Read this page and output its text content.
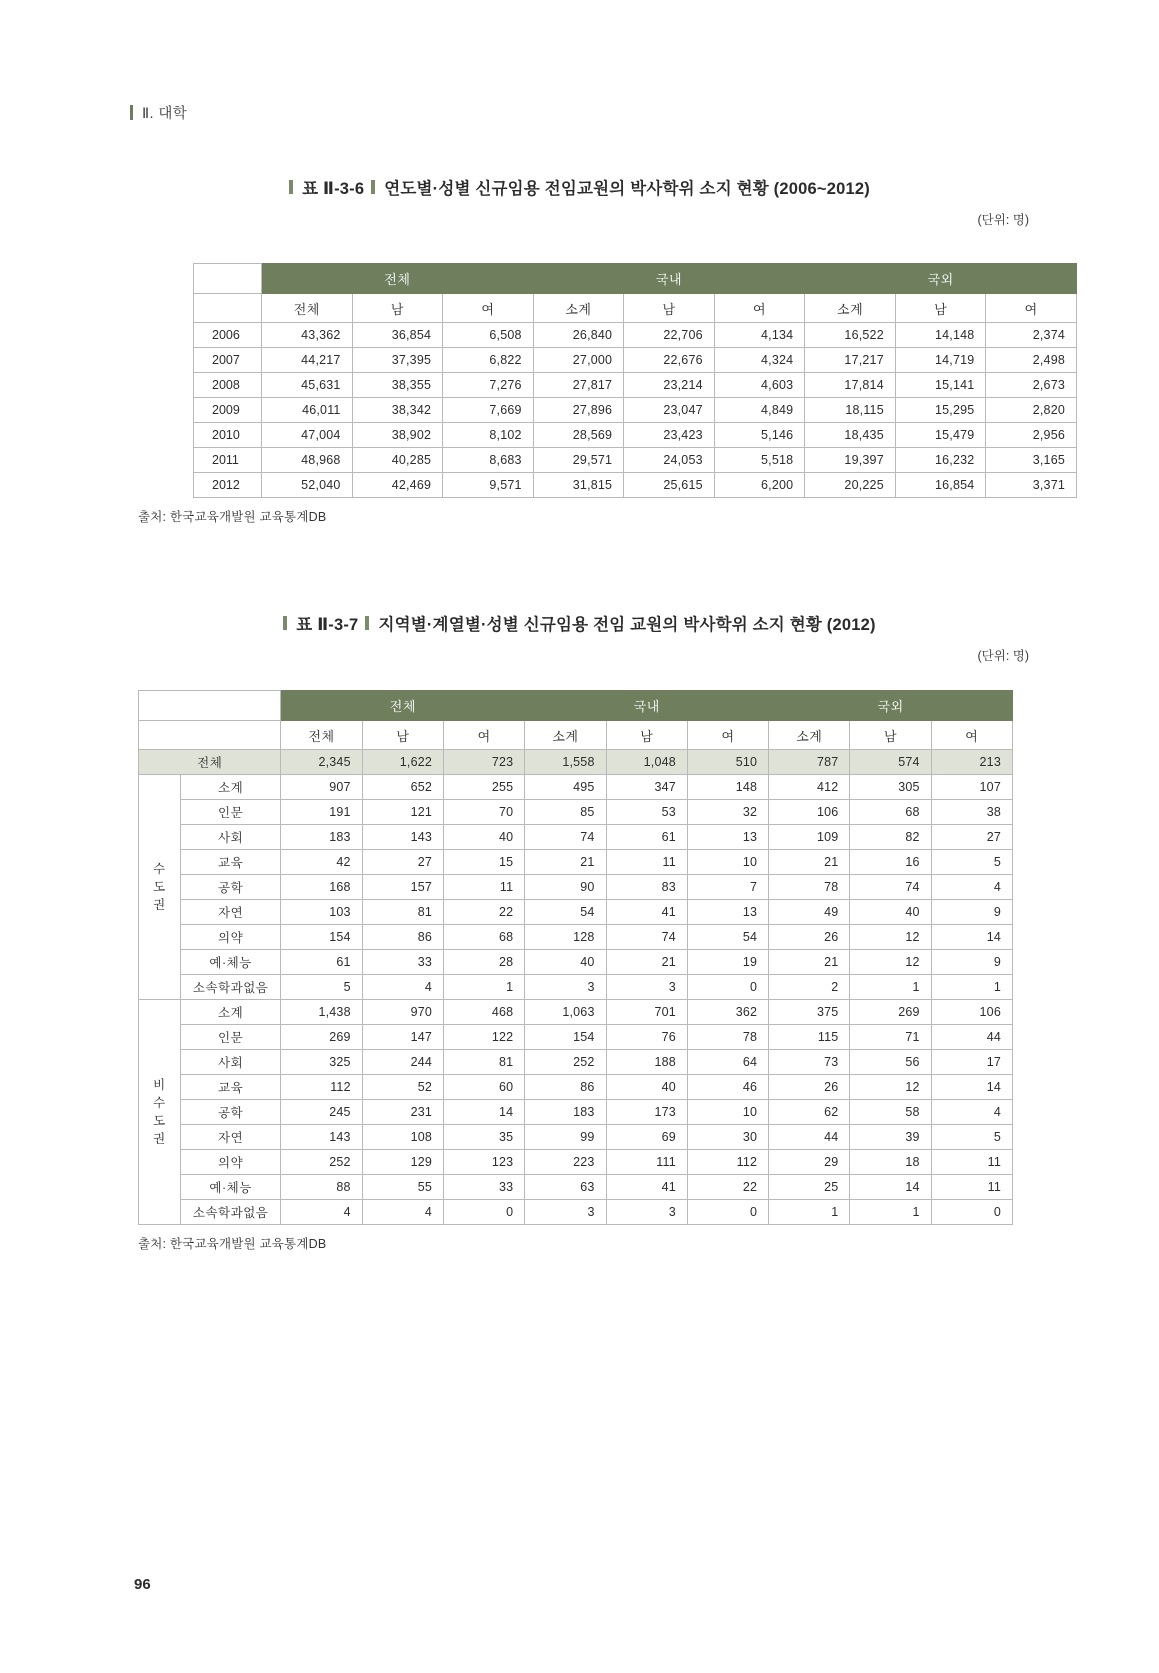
Ⅱ. 대학
표 Ⅱ-3-6 연도별·성별 신규임용 전임교원의 박사학위 소지 현황 (2006~2012)
(단위: 명)
	전체			국내			국외		
	전체	남	여	소계	남	여	소계	남	여
2006	43,362	36,854	6,508	26,840	22,706	4,134	16,522	14,148	2,374
2007	44,217	37,395	6,822	27,000	22,676	4,324	17,217	14,719	2,498
2008	45,631	38,355	7,276	27,817	23,214	4,603	17,814	15,141	2,673
2009	46,011	38,342	7,669	27,896	23,047	4,849	18,115	15,295	2,820
2010	47,004	38,902	8,102	28,569	23,423	5,146	18,435	15,479	2,956
2011	48,968	40,285	8,683	29,571	24,053	5,518	19,397	16,232	3,165
2012	52,040	42,469	9,571	31,815	25,615	6,200	20,225	16,854	3,371
출처: 한국교육개발원 교육통계DB
표 Ⅱ-3-7 지역별·계열별·성별 신규임용 전임 교원의 박사학위 소지 현황 (2012)
(단위: 명)
		전체			국내			국외		
		전체	남	여	소계	남	여	소계	남	여
전체		2,345	1,622	723	1,558	1,048	510	787	574	213

수
도
권	소계	907	652	255	495	347	148	412	305	107
	인문	191	121	70	85	53	32	106	68	38
	사회	183	143	40	74	61	13	109	82	27
	교육	42	27	15	21	11	10	21	16	5
	공학	168	157	11	90	83	7	78	74	4
	자연	103	81	22	54	41	13	49	40	9
	의약	154	86	68	128	74	54	26	12	14
	예·체능	61	33	28	40	21	19	21	12	9
	소속학과없음	5	4	1	3	3	0	2	1	1

비
수
도
권	소계	1,438	970	468	1,063	701	362	375	269	106
	인문	269	147	122	154	76	78	115	71	44
	사회	325	244	81	252	188	64	73	56	17
	교육	112	52	60	86	40	46	26	12	14
	공학	245	231	14	183	173	10	62	58	4
	자연	143	108	35	99	69	30	44	39	5
	의약	252	129	123	223	111	112	29	18	11
	예·체능	88	55	33	63	41	22	25	14	11
	소속학과없음	4	4	0	3	3	0	1	1	0
출처: 한국교육개발원 교육통계DB
96
